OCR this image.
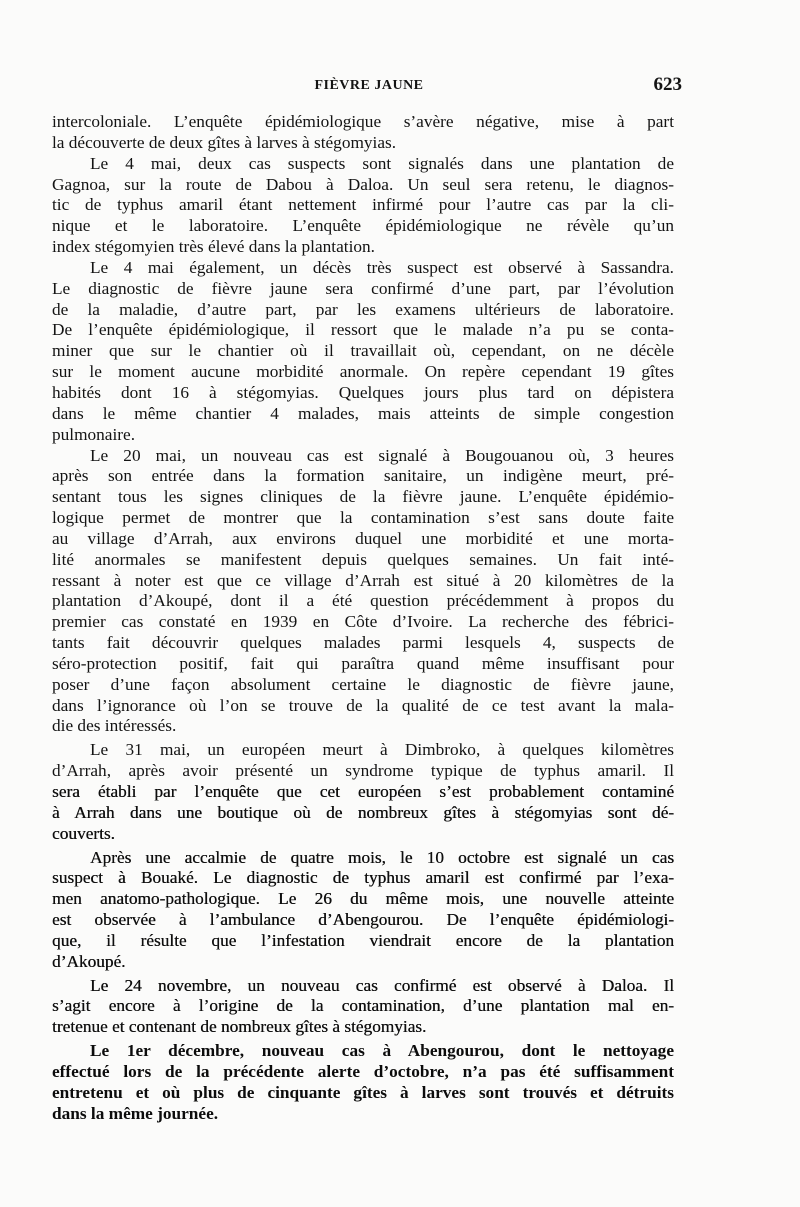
FIÈVRE JAUNE	623
intercoloniale. L’enquête épidémiologique s’avère négative, mise à part
la découverte de deux gîtes à larves à stégomyias.
Le 4 mai, deux cas suspects sont signalés dans une plantation de
Gagnoa, sur la route de Dabou à Daloa. Un seul sera retenu, le diagnos-
tic de typhus amaril étant nettement infirmé pour l’autre cas par la cli-
nique et le laboratoire. L’enquête épidémiologique ne révèle qu’un
index stégomyien très élevé dans la plantation.
Le 4 mai également, un décès très suspect est observé à Sassandra.
Le diagnostic de fièvre jaune sera confirmé d’une part, par l’évolution
de la maladie, d’autre part, par les examens ultérieurs de laboratoire.
De l’enquête épidémiologique, il ressort que le malade n’a pu se conta-
miner que sur le chantier où il travaillait où, cependant, on ne décèle
sur le moment aucune morbidité anormale. On repère cependant 19 gîtes
habités dont 16 à stégomyias. Quelques jours plus tard on dépistera
dans le même chantier 4 malades, mais atteints de simple congestion
pulmonaire.
Le 20 mai, un nouveau cas est signalé à Bougouanou où, 3 heures
après son entrée dans la formation sanitaire, un indigène meurt, pré-
sentant tous les signes cliniques de la fièvre jaune. L’enquête épidémio-
logique permet de montrer que la contamination s’est sans doute faite
au village d’Arrah, aux environs duquel une morbidité et une morta-
lité anormales se manifestent depuis quelques semaines. Un fait inté-
ressant à noter est que ce village d’Arrah est situé à 20 kilomètres de la
plantation d’Akoupé, dont il a été question précédemment à propos du
premier cas constaté en 1939 en Côte d’Ivoire. La recherche des fébrici-
tants fait découvrir quelques malades parmi lesquels 4, suspects de
séro-protection positif, fait qui paraîtra quand même insuffisant pour
poser d’une façon absolument certaine le diagnostic de fièvre jaune,
dans l’ignorance où l’on se trouve de la qualité de ce test avant la mala-
die des intéressés.
Le 31 mai, un européen meurt à Dimbroko, à quelques kilomètres
d’Arrah, après avoir présenté un syndrome typique de typhus amaril. Il
sera établi par l’enquête que cet européen s’est probablement contaminé
à Arrah dans une boutique où de nombreux gîtes à stégomyias sont dé-
couverts.
Après une accalmie de quatre mois, le 10 octobre est signalé un cas
suspect à Bouaké. Le diagnostic de typhus amaril est confirmé par l’exa-
men anatomo-pathologique. Le 26 du même mois, une nouvelle atteinte
est observée à l’ambulance d’Abengourou. De l’enquête épidémiologi-
que, il résulte que l’infestation viendrait encore de la plantation
d’Akoupé.
Le 24 novembre, un nouveau cas confirmé est observé à Daloa. Il
s’agit encore à l’origine de la contamination, d’une plantation mal en-
tretenue et contenant de nombreux gîtes à stégomyias.
Le 1er décembre, nouveau cas à Abengourou, dont le nettoyage
effectué lors de la précédente alerte d’octobre, n’a pas été suffisamment
entretenu et où plus de cinquante gîtes à larves sont trouvés et détruits
dans la même journée.
